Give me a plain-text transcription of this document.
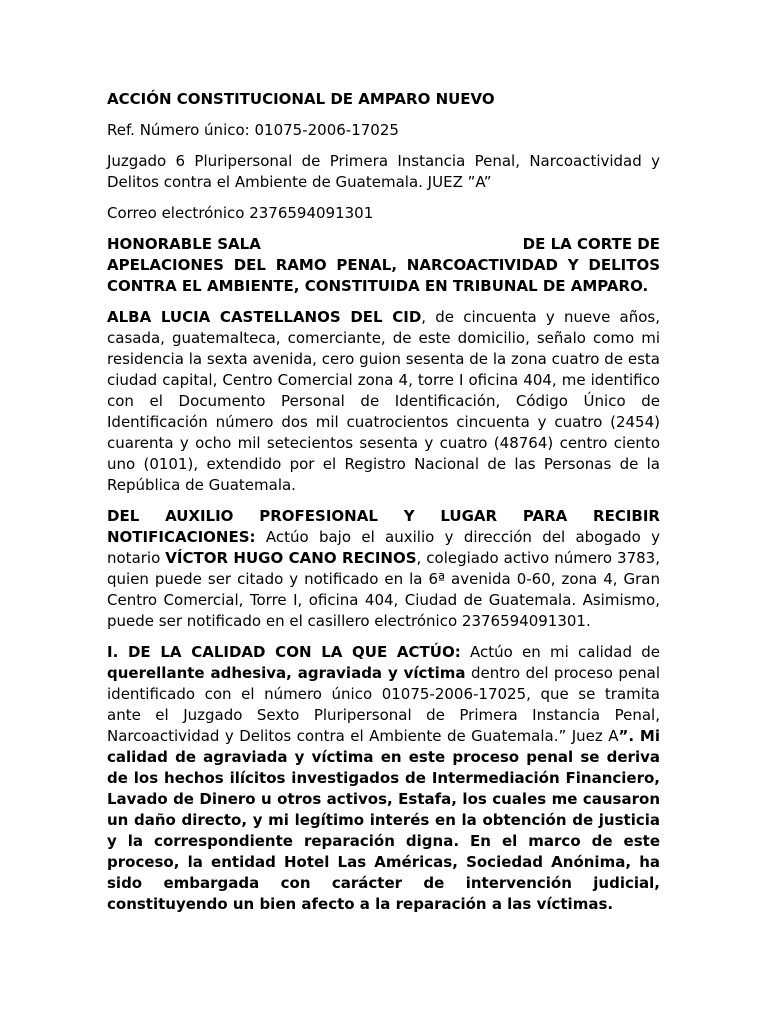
ACCIÓN CONSTITUCIONAL DE AMPARO NUEVO

Ref. Número único: 01075-2006-17025

Juzgado 6 Pluripersonal de Primera Instancia Penal, Narcoactividad y Delitos contra el Ambiente de Guatemala. JUEZ ”A”

Correo electrónico 2376594091301

HONORABLE SALA	DE LA CORTE DE
APELACIONES DEL RAMO PENAL, NARCOACTIVIDAD Y DELITOS CONTRA EL AMBIENTE, CONSTITUIDA EN TRIBUNAL DE AMPARO.

ALBA LUCIA CASTELLANOS DEL CID, de cincuenta y nueve años, casada, guatemalteca, comerciante, de este domicilio, señalo como mi residencia la sexta avenida, cero guion sesenta de la zona cuatro de esta ciudad capital, Centro Comercial zona 4, torre I oficina 404, me identifico con el Documento Personal de Identificación, Código Único de Identificación número dos mil cuatrocientos cincuenta y cuatro (2454) cuarenta y ocho mil setecientos sesenta y cuatro (48764) centro ciento uno (0101), extendido por el Registro Nacional de las Personas de la República de Guatemala.

DEL AUXILIO PROFESIONAL Y LUGAR PARA RECIBIR
NOTIFICACIONES: Actúo bajo el auxilio y dirección del abogado y notario VÍCTOR HUGO CANO RECINOS, colegiado activo número 3783, quien puede ser citado y notificado en la 6ª avenida 0-60, zona 4, Gran Centro Comercial, Torre I, oficina 404, Ciudad de Guatemala. Asimismo, puede ser notificado en el casillero electrónico 2376594091301.

I. DE LA CALIDAD CON LA QUE ACTÚO: Actúo en mi calidad de querellante adhesiva, agraviada y víctima dentro del proceso penal identificado con el número único 01075-2006-17025, que se tramita ante el Juzgado Sexto Pluripersonal de Primera Instancia Penal, Narcoactividad y Delitos contra el Ambiente de Guatemala.” Juez A”. Mi calidad de agraviada y víctima en este proceso penal se deriva de los hechos ilícitos investigados de Intermediación Financiero, Lavado de Dinero u otros activos, Estafa, los cuales me causaron un daño directo, y mi legítimo interés en la obtención de justicia y la correspondiente reparación digna. En el marco de este proceso, la entidad Hotel Las Américas, Sociedad Anónima, ha sido embargada con carácter de intervención judicial, constituyendo un bien afecto a la reparación a las víctimas.
